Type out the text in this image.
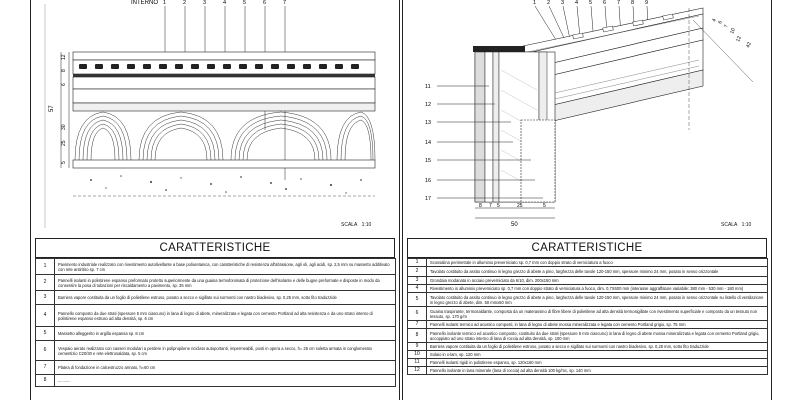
INTERNO 1	2	3	4	5	6	7
57
12
8
6
30
25
5
SCALA 1:10
CARATTERISTICHE
1	Pavimento industriale realizzato con rivestimento autolivellante a base poliuretanica, con caratteristiche di resistenza all'abrasione, agli oli, agli acidi, sp. 2,5 mm su massetto additivato con rete antiritiro sp. 7 cm
2	Pannelli isolanti in polistirene espanso preformato protetto superiormente da una guaina termofonimata di protezione dell'isolante e delle bugne preformate e disposte in modo da consentire la posa di tubazioni per riscaldamento a pavimento, sp. 35 mm
3	Barriera vapore costituita da un foglio di polietilene estruso, posato a secco e sigillato sui sormonti con nastro biadesivo, sp. 0,25 mm, sotto fito traduzzide
4	Pannello composto da due strati (spessore 5 mm ciascuno) in lana di legno di abete, mineralizzata e legata con cemento Portland ad alta resistenza e da uno strato interno di polistirene espanso estruso ad alta densità, sp. 6 cm
5	Massetto alleggerito in argilla espansa sp. 8 cm
6	Vespaio aerato realizzato con casseri modulari a perdere in polipropilene riciclato autoportanti, impermeabili, posti in opera a secco, h= 25 cm soletta armata in conglomerato cementizio C20/30 e rete elettrosaldata, sp. 5 cm
7	Platea di fondazione in calcestruzzo armato, h=60 cm
8	...........
1 2 3 4 5 6 7 8 9
11
12
13
14
15
16
17
4 6
7
10
12
42
8 7 5	25	5
50	SCALA 1:10
CARATTERISTICHE
1	Scossalina perimetrale in alluminio preverniciato sp. 0,7 mm con doppio strato di verniciatura a fuoco
2	Tavolato costituito da assito continuo in legno grezzo di abete a pino, larghezza delle tavole 120-150 mm, spessore minimo 24 mm, posato in senso orizzontale
3	Grondaia modanata in acciaio preverniciato da 6/10, dim. 200x150 mm
4	Rivestimento in alluminio preverniciato sp. 0,7 mm con doppio strato di verniciatura a fuoco, dim. 0,7X600 mm (interasse aggraffature variabile: 380 mm - 530 mm - 180 mm)
5	Tavolato costituito da assito continuo in legno grezzo di abete a pino, larghezza delle tavole 120-150 mm, spessore minimo 24 mm, posato in senso orizzontale su listello di ventilazione in legno grezzo di abete, dim. 50 mmx50 mm
6	Guaina traspirante, termosaldante, composta da un materassino di fibre libere di polietilene ad alta densità termosigillate con rivestimento superficiale e composto da un tessuto non tessuto, sp. 170 g/m
7	Pannelli isolanti termico ad acustico composti, in lana di legno di abete mossa mineralizzata e legata con cemento Portland grigio, sp. 75 mm
8	Pannello isolante termico ed acustico composto, costituito da due strati (spessore 5 mm ciascuno) in lana di legno di abete mossa mineralizzata e legata con cemento Portland grigio, accoppiato ad uno strato interno di lana di roccia ad alta densità, sp. 100 mm
9	Barriera vapore costituita da un foglio di polietilene estruso, posato a secco e sigillato sui sormonti con nastro biadesivo, sp. 0,25 mm, sotto fito traduzzide
10	Solaio in x-lam, sp. 120 mm
11	Pannelli isolanti rigidi in polistirene espanso, sp. 120x160 mm
12	Pannello isolante in lana minerale (lana di roccia) ad alta densità 100 kg/mc, sp. 140 mm
